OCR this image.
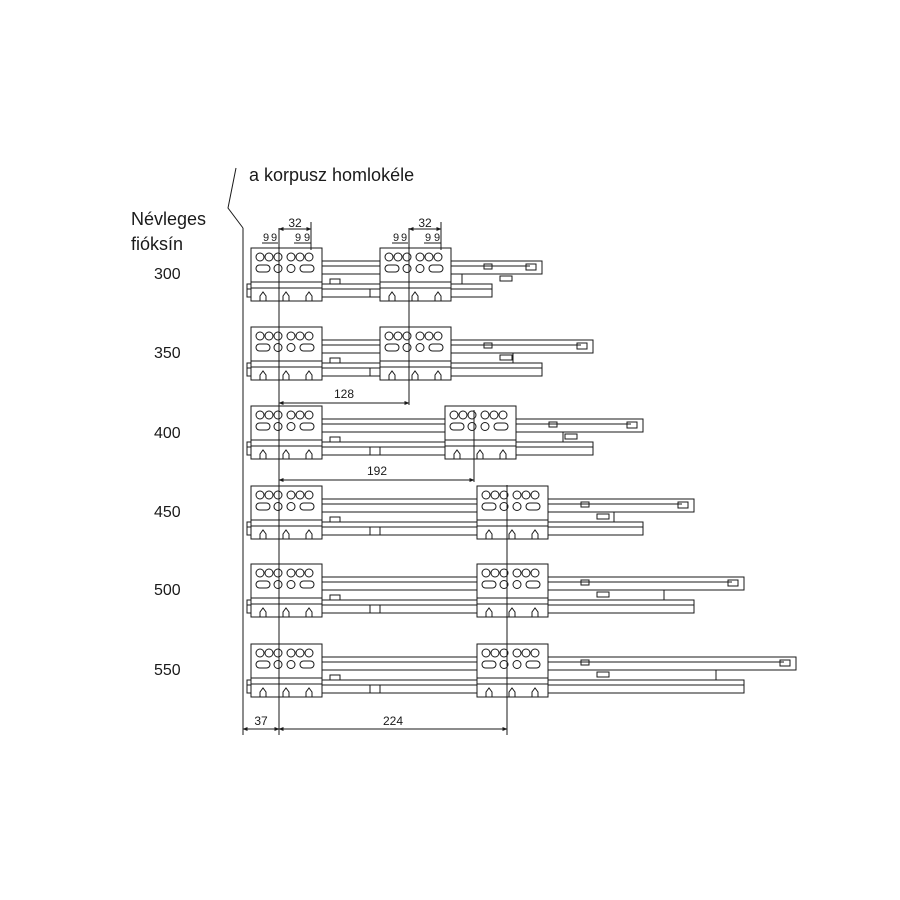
a korpusz homlokéle
Névleges
fióksín
300
350
400
450
500
550
32
9 9 9 9
32
9 9 9 9
128
192
37	224
